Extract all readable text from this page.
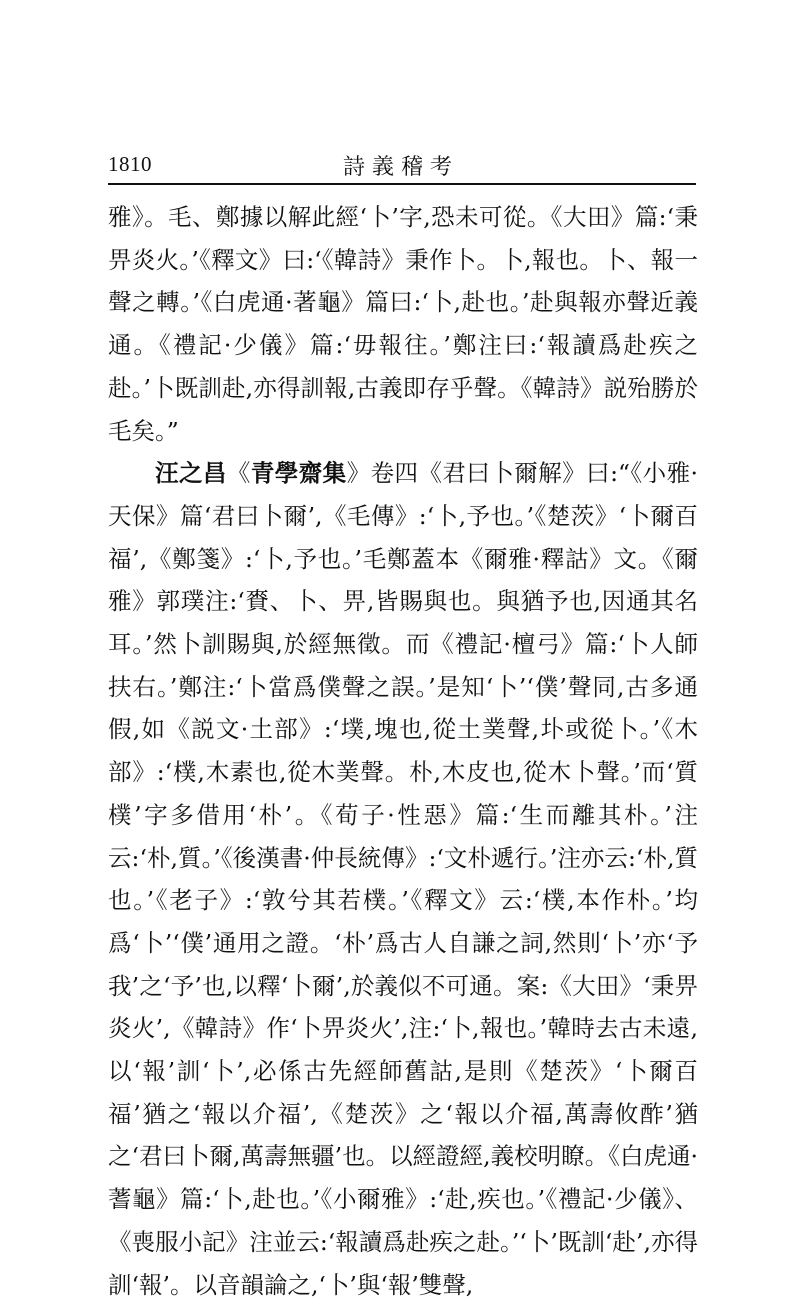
1810	詩義稽考

雅》。毛、鄭據以解此經‘卜’字,恐未可從。《大田》篇:‘秉畀炎火。’《釋文》曰:‘《韓詩》秉作卜。卜,報也。卜、報一聲之轉。’《白虎通·著龜》篇曰:‘卜,赴也。’赴與報亦聲近義通。《禮記·少儀》篇:‘毋報往。’鄭注曰:‘報讀爲赴疾之赴。’卜既訓赴,亦得訓報,古義即存乎聲。《韓詩》説殆勝於毛矣。”

汪之昌《青學齋集》卷四《君曰卜爾解》曰:“《小雅·天保》篇‘君曰卜爾’,《毛傳》:‘卜,予也。’《楚茨》‘卜爾百福’,《鄭箋》:‘卜,予也。’毛鄭蓋本《爾雅·釋詁》文。《爾雅》郭璞注:‘賚、卜、畀,皆賜與也。與猶予也,因通其名耳。’然卜訓賜與,於經無徵。而《禮記·檀弓》篇:‘卜人師扶右。’鄭注:‘卜當爲僕聲之誤。’是知‘卜’‘僕’聲同,古多通假,如《説文·土部》:‘墣,塊也,從土菐聲,圤或從卜。’《木部》:‘樸,木素也,從木菐聲。朴,木皮也,從木卜聲。’而‘質樸’字多借用‘朴’。《荀子·性惡》篇:‘生而離其朴。’注云:‘朴,質。’《後漢書·仲長統傳》:‘文朴遞行。’注亦云:‘朴,質也。’《老子》:‘敦兮其若樸。’《釋文》云:‘樸,本作朴。’均爲‘卜’‘僕’通用之證。‘朴’爲古人自謙之詞,然則‘卜’亦‘予我’之‘予’也,以釋‘卜爾’,於義似不可通。案:《大田》‘秉畀炎火’,《韓詩》作‘卜畀炎火’,注:‘卜,報也。’韓時去古未遠,以‘報’訓‘卜’,必係古先經師舊詁,是則《楚茨》‘卜爾百福’猶之‘報以介福’,《楚茨》之‘報以介福,萬壽攸酢’猶之‘君曰卜爾,萬壽無疆’也。以經證經,義校明瞭。《白虎通·蓍龜》篇:‘卜,赴也。’《小爾雅》:‘赴,疾也。’《禮記·少儀》、《喪服小記》注並云:‘報讀爲赴疾之赴。’‘卜’既訓‘赴’,亦得訓‘報’。以音韻論之,‘卜’與‘報’雙聲,
